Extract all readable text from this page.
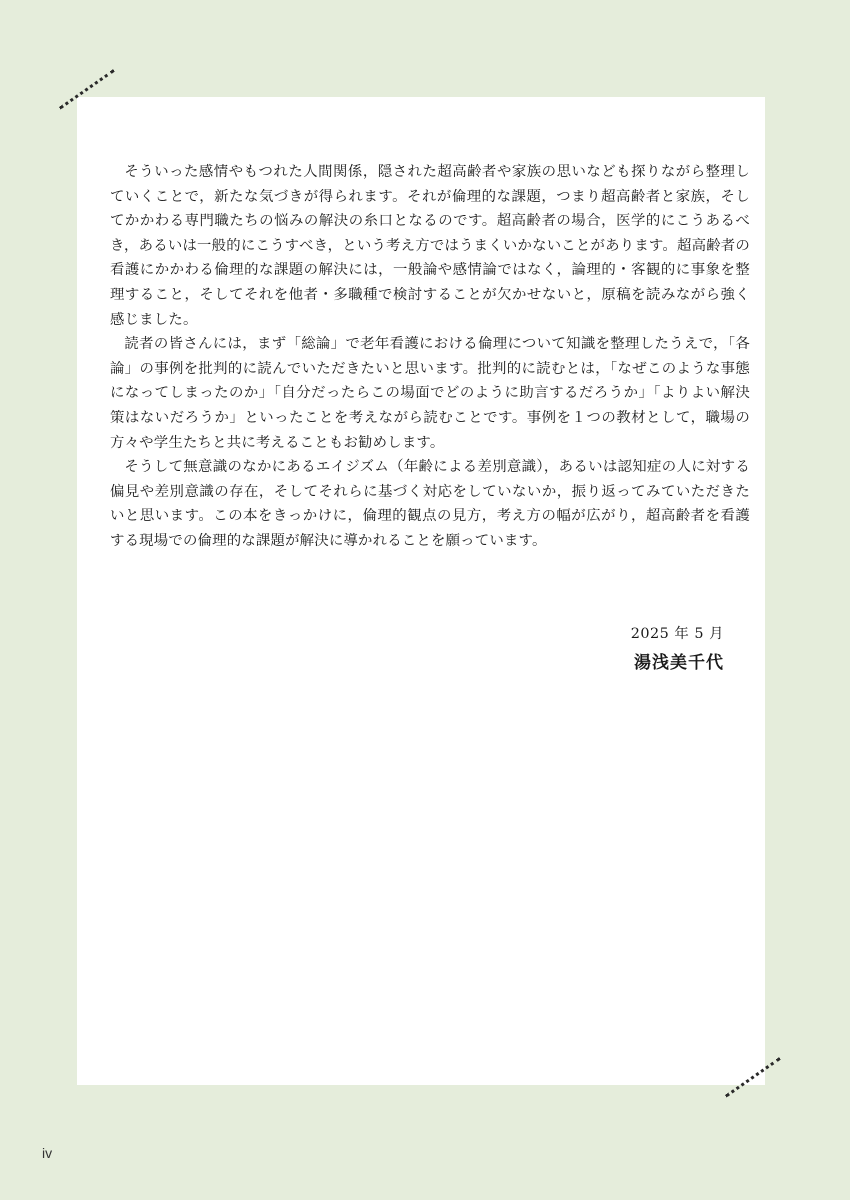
そういった感情やもつれた人間関係，隠された超高齢者や家族の思いなども探りながら整理していくことで，新たな気づきが得られます。それが倫理的な課題，つまり超高齢者と家族，そしてかかわる専門職たちの悩みの解決の糸口となるのです。超高齢者の場合，医学的にこうあるべき，あるいは一般的にこうすべき，という考え方ではうまくいかないことがあります。超高齢者の看護にかかわる倫理的な課題の解決には，一般論や感情論ではなく，論理的・客観的に事象を整理すること，そしてそれを他者・多職種で検討することが欠かせないと，原稿を読みながら強く感じました。

読者の皆さんには，まず「総論」で老年看護における倫理について知識を整理したうえで，「各論」の事例を批判的に読んでいただきたいと思います。批判的に読むとは，「なぜこのような事態になってしまったのか」「自分だったらこの場面でどのように助言するだろうか」「よりよい解決策はないだろうか」といったことを考えながら読むことです。事例を１つの教材として，職場の方々や学生たちと共に考えることもお勧めします。

そうして無意識のなかにあるエイジズム（年齢による差別意識），あるいは認知症の人に対する偏見や差別意識の存在，そしてそれらに基づく対応をしていないか，振り返ってみていただきたいと思います。この本をきっかけに，倫理的観点の見方，考え方の幅が広がり，超高齢者を看護する現場での倫理的な課題が解決に導かれることを願っています。

2025 年 5 月
湯浅美千代
iv
